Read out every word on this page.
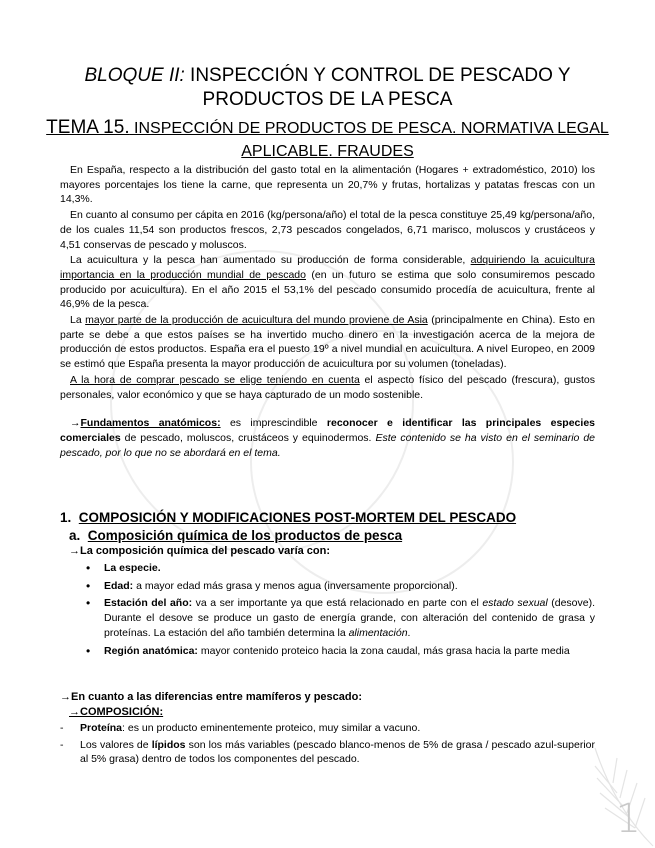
BLOQUE II: INSPECCIÓN Y CONTROL DE PESCADO Y
PRODUCTOS DE LA PESCA
TEMA 15. INSPECCIÓN DE PRODUCTOS DE PESCA. NORMATIVA LEGAL
APLICABLE. FRAUDES

En España, respecto a la distribución del gasto total en la alimentación (Hogares + extradoméstico, 2010) los mayores porcentajes los tiene la carne, que representa un 20,7% y frutas, hortalizas y patatas frescas con un 14,3%.

En cuanto al consumo per cápita en 2016 (kg/persona/año) el total de la pesca constituye 25,49 kg/persona/año, de los cuales 11,54 son productos frescos, 2,73 pescados congelados, 6,71 marisco, moluscos y crustáceos y 4,51 conservas de pescado y moluscos.

La acuicultura y la pesca han aumentado su producción de forma considerable, adquiriendo la acuicultura importancia en la producción mundial de pescado (en un futuro se estima que solo consumiremos pescado producido por acuicultura). En el año 2015 el 53,1% del pescado consumido procedía de acuicultura, frente al 46,9% de la pesca.

La mayor parte de la producción de acuicultura del mundo proviene de Asia (principalmente en China). Esto en parte se debe a que estos países se ha invertido mucho dinero en la investigación acerca de la mejora de producción de estos productos. España era el puesto 19º a nivel mundial en acuicultura. A nivel Europeo, en 2009 se estimó que España presenta la mayor producción de acuicultura por su volumen (toneladas).

A la hora de comprar pescado se elige teniendo en cuenta el aspecto físico del pescado (frescura), gustos personales, valor económico y que se haya capturado de un modo sostenible.

→Fundamentos anatómicos: es imprescindible reconocer e identificar las principales especies comerciales de pescado, moluscos, crustáceos y equinodermos. Este contenido se ha visto en el seminario de pescado, por lo que no se abordará en el tema.

1. COMPOSICIÓN Y MODIFICACIONES POST-MORTEM DEL PESCADO
a. Composición química de los productos de pesca
→La composición química del pescado varía con:
• La especie.
• Edad: a mayor edad más grasa y menos agua (inversamente proporcional).
• Estación del año: va a ser importante ya que está relacionado en parte con el estado sexual (desove). Durante el desove se produce un gasto de energía grande, con alteración del contenido de grasa y proteínas. La estación del año también determina la alimentación.
• Región anatómica: mayor contenido proteico hacia la zona caudal, más grasa hacia la parte media
→En cuanto a las diferencias entre mamíferos y pescado:
→COMPOSICIÓN:
- Proteína: es un producto eminentemente proteico, muy similar a vacuno.
- Los valores de lípidos son los más variables (pescado blanco-menos de 5% de grasa / pescado azul-superior al 5% grasa) dentro de todos los componentes del pescado.
1
